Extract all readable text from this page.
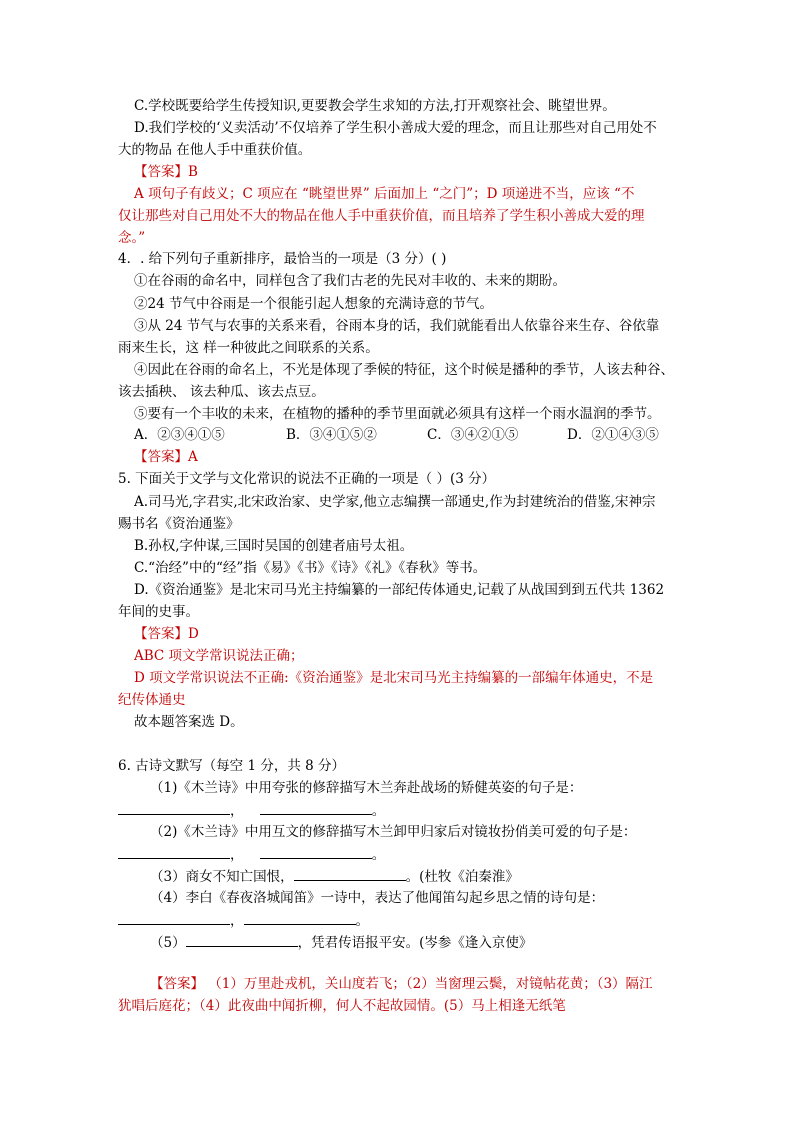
C.学校既要给学生传授知识,更要教会学生求知的方法,打开观察社会、眺望世界。
D.我们学校的‘义卖活动’不仅培养了学生积小善成大爱的理念，而且让那些对自己用处不
大的物品 在他人手中重获价值。
【答案】B
A 项句子有歧义；C 项应在 “眺望世界” 后面加上 “之门”；D 项递进不当，应该 “不
仅让那些对自己用处不大的物品在他人手中重获价值，而且培养了学生积小善成大爱的理
念。”
4．. 给下列句子重新排序，最恰当的一项是（3 分）( )
①在谷雨的命名中，同样包含了我们古老的先民对丰收的、未来的期盼。
②24 节气中谷雨是一个很能引起人想象的充满诗意的节气。
③从 24 节气与农事的关系来看，谷雨本身的话，我们就能看出人依靠谷来生存、谷依靠
雨来生长，这 样一种彼此之间联系的关系。
④因此在谷雨的命名上，不光是体现了季候的特征，这个时候是播种的季节，人该去种谷、
该去插秧、 该去种瓜、该去点豆。
⑤要有一个丰收的未来，在植物的播种的季节里面就必须具有这样一个雨水温润的季节。
A．②③④①⑤	B．③④①⑤②	C．③④②①⑤	D．②①④③⑤
【答案】A
5. 下面关于文学与文化常识的说法不正确的一项是（ ）(3 分）
A.司马光,字君实,北宋政治家、史学家,他立志编撰一部通史,作为封建统治的借鉴,宋神宗
赐书名《资治通鉴》
B.孙权,字仲谋,三国时吴国的创建者庙号太祖。
C.“治经”中的“经”指《易》《书》《诗》《礼》《春秋》等书。
D.《资治通鉴》是北宋司马光主持编纂的一部纪传体通史,记载了从战国到到五代共 1362
年间的史事。
【答案】D
ABC 项文学常识说法正确；
D 项文学常识说法不正确:《资治通鉴》是北宋司马光主持编纂的一部编年体通史，不是
纪传体通史
故本题答案选 D。
6. 古诗文默写（每空 1 分，共 8 分）
（1)《木兰诗》中用夸张的修辞描写木兰奔赴战场的矫健英姿的句子是：
，	。
（2)《木兰诗》中用互文的修辞描写木兰卸甲归家后对镜妆扮俏美可爱的句子是：
，	。
（3）商女不知亡国恨，	。(杜牧《泊秦淮》
（4）李白《春夜洛城闻笛》一诗中，表达了他闻笛勾起乡思之情的诗句是：
，	。
（5）	，凭君传语报平安。(岑参《逢入京使》
【答案】 （1）万里赴戎机，关山度若飞；（2）当窗理云鬓，对镜帖花黄；（3）隔江
犹唱后庭花；（4）此夜曲中闻折柳，何人不起故园情。(5）马上相逢无纸笔
